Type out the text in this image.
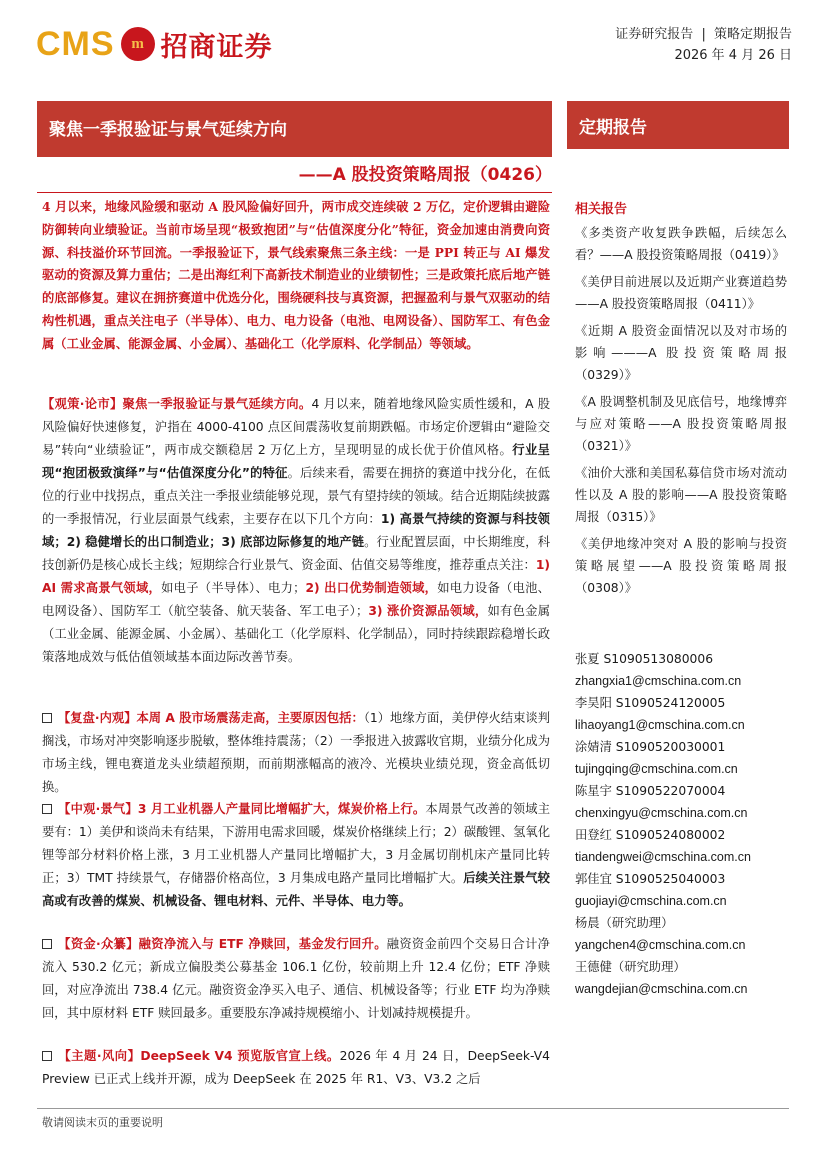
CMS	m 招商证券	证券研究报告 | 策略定期报告
2026 年 4 月 26 日
聚焦一季报验证与景气延续方向	定期报告
——A 股投资策略周报（0426）
4 月以来，地缘风险缓和驱动 A 股风险偏好回升，两市成交连续破 2 万亿，定价逻辑由避险防御转向业绩验证。当前市场呈现“极致抱团”与“估值深度分化”特征，资金加速由消费向资源、科技溢价环节回流。一季报验证下，景气线索聚焦三条主线：一是 PPI 转正与 AI 爆发驱动的资源及算力重估；二是出海红利下高新技术制造业的业绩韧性；三是政策托底后地产链的底部修复。建议在拥挤赛道中优选分化，围绕硬科技与真资源，把握盈利与景气双驱动的结构性机遇，重点关注电子（半导体）、电力、电力设备（电池、电网设备）、国防军工、有色金属（工业金属、能源金属、小金属）、基础化工（化学原料、化学制品）等领域。
【观策·论市】聚焦一季报验证与景气延续方向。4 月以来，随着地缘风险实质性缓和，A 股风险偏好快速修复，沪指在 4000-4100 点区间震荡收复前期跌幅。市场定价逻辑由“避险交易”转向“业绩验证”，两市成交额稳居 2 万亿上方，呈现明显的成长优于价值风格。行业呈现“抱团极致演绎”与“估值深度分化”的特征。后续来看，需要在拥挤的赛道中找分化，在低位的行业中找拐点，重点关注一季报业绩能够兑现，景气有望持续的领域。结合近期陆续披露的一季报情况，行业层面景气线索，主要存在以下几个方向：1) 高景气持续的资源与科技领域；2) 稳健增长的出口制造业；3) 底部边际修复的地产链。行业配置层面，中长期维度，科技创新仍是核心成长主线；短期综合行业景气、资金面、估值交易等维度，推荐重点关注：1) AI 需求高景气领域，如电子（半导体）、电力；2) 出口优势制造领域，如电力设备（电池、电网设备）、国防军工（航空装备、航天装备、军工电子）；3) 涨价资源品领域，如有色金属（工业金属、能源金属、小金属）、基础化工（化学原料、化学制品），同时持续跟踪稳增长政策落地成效与低估值领域基本面边际改善节奏。
【复盘·内观】本周 A 股市场震荡走高，主要原因包括：（1）地缘方面，美伊停火结束谈判搁浅，市场对冲突影响逐步脱敏，整体维持震荡；（2）一季报进入披露收官期，业绩分化成为市场主线，锂电赛道龙头业绩超预期，而前期涨幅高的液冷、光模块业绩兑现，资金高低切换。
【中观·景气】3 月工业机器人产量同比增幅扩大，煤炭价格上行。本周景气改善的领域主要有：1）美伊和谈尚未有结果，下游用电需求回暖，煤炭价格继续上行；2）碳酸锂、氢氧化锂等部分材料价格上涨，3 月工业机器人产量同比增幅扩大，3 月金属切削机床产量同比转正；3）TMT 持续景气，存储器价格高位，3 月集成电路产量同比增幅扩大。后续关注景气较高或有改善的煤炭、机械设备、锂电材料、元件、半导体、电力等。
【资金·众纂】融资净流入与 ETF 净赎回，基金发行回升。融资资金前四个交易日合计净流入 530.2 亿元；新成立偏股类公募基金 106.1 亿份，较前期上升 12.4 亿份；ETF 净赎回，对应净流出 738.4 亿元。融资资金净买入电子、通信、机械设备等；行业 ETF 均为净赎回，其中原材料 ETF 赎回最多。重要股东净减持规模缩小、计划减持规模提升。
【主题·风向】DeepSeek V4 预览版官宣上线。2026 年 4 月 24 日，DeepSeek-V4 Preview 已正式上线并开源，成为 DeepSeek 在 2025 年 R1、V3、V3.2 之后
相关报告
《多类资产收复跌争跌幅，后续怎么看？——A 股投资策略周报（0419）》
《美伊目前进展以及近期产业赛道趋势——A 股投资策略周报（0411）》
《近期 A 股资金面情况以及对市场的影响———A 股投资策略周报（0329）》
《A 股调整机制及见底信号，地缘博弈与应对策略——A 股投资策略周报（0321）》
《油价大涨和美国私募信贷市场对流动性以及 A 股的影响——A 股投资策略周报（0315）》
《美伊地缘冲突对 A 股的影响与投资策略展望——A 股投资策略周报（0308）》
张夏 S1090513080006
zhangxia1@cmschina.com.cn
李昊阳 S1090524120005
lihaoyang1@cmschina.com.cn
涂婧清 S1090520030001
tujingqing@cmschina.com.cn
陈星宇 S1090522070004
chenxingyu@cmschina.com.cn
田登红 S1090524080002
tiandengwei@cmschina.com.cn
郭佳宜 S1090525040003
guojiayi@cmschina.com.cn
杨晨（研究助理）
yangchen4@cmschina.com.cn
王德健（研究助理）
wangdejian@cmschina.com.cn
敬请阅读末页的重要说明
